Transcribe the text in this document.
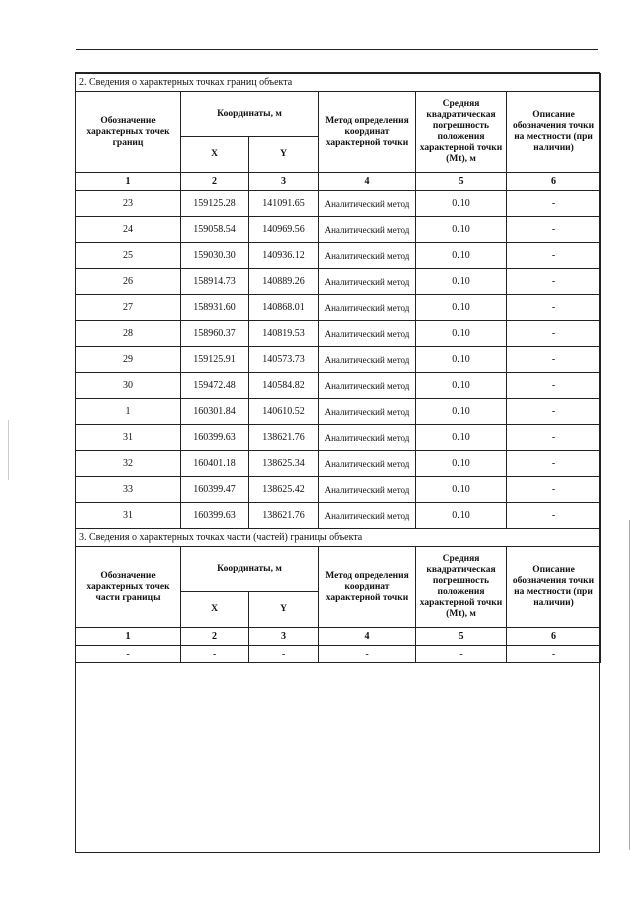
2. Сведения о характерных точках границ объекта					
Обозначение характерных точек границ	Координаты, м		Метод определения координат характерной точки	Средняя квадратическая погрешность положения характерной точки (Mt), м	Описание обозначения точки на местности (при наличии)
	X	Y			
1	2	3	4	5	6
23	159125.28	141091.65	Аналитический метод	0.10	-
24	159058.54	140969.56	Аналитический метод	0.10	-
25	159030.30	140936.12	Аналитический метод	0.10	-
26	158914.73	140889.26	Аналитический метод	0.10	-
27	158931.60	140868.01	Аналитический метод	0.10	-
28	158960.37	140819.53	Аналитический метод	0.10	-
29	159125.91	140573.73	Аналитический метод	0.10	-
30	159472.48	140584.82	Аналитический метод	0.10	-
1	160301.84	140610.52	Аналитический метод	0.10	-
31	160399.63	138621.76	Аналитический метод	0.10	-
32	160401.18	138625.34	Аналитический метод	0.10	-
33	160399.47	138625.42	Аналитический метод	0.10	-
31	160399.63	138621.76	Аналитический метод	0.10	-
3. Сведения о характерных точках части (частей) границы объекта					
Обозначение характерных точек части границы	Координаты, м		Метод определения координат характерной точки	Средняя квадратическая погрешность положения характерной точки (Mt), м	Описание обозначения точки на местности (при наличии)
	X	Y			
1	2	3	4	5	6
-	-	-	-	-	-
